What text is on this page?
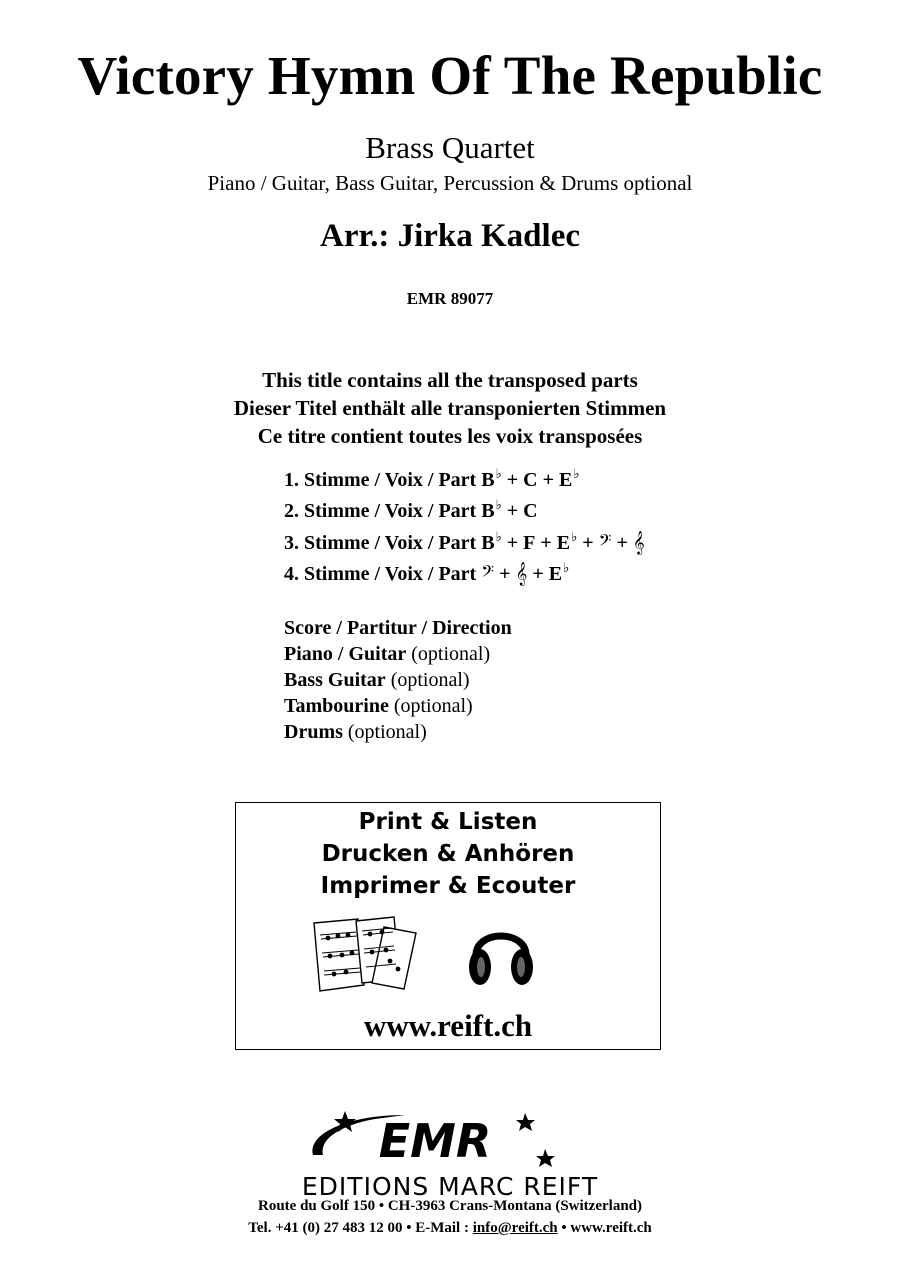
Victory Hymn Of The Republic
Brass Quartet
Piano / Guitar, Bass Guitar, Percussion & Drums optional
Arr.: Jirka Kadlec
EMR 89077
This title contains all the transposed parts
Dieser Titel enthält alle transponierten Stimmen
Ce titre contient toutes les voix transposées
1. Stimme / Voix / Part B♭ + C + E♭
2. Stimme / Voix / Part B♭ + C
3. Stimme / Voix / Part B♭ + F + E♭ + 𝄢 + 𝄞
4. Stimme / Voix / Part 𝄢 + 𝄞 + E♭
Score / Partitur / Direction
Piano / Guitar (optional)
Bass Guitar (optional)
Tambourine (optional)
Drums (optional)
Print & Listen
Drucken & Anhören
Imprimer & Ecouter
www.reift.ch
EMR
EDITIONS MARC REIFT
Route du Golf 150 • CH-3963 Crans-Montana (Switzerland)
Tel. +41 (0) 27 483 12 00 • E-Mail : info@reift.ch • www.reift.ch
